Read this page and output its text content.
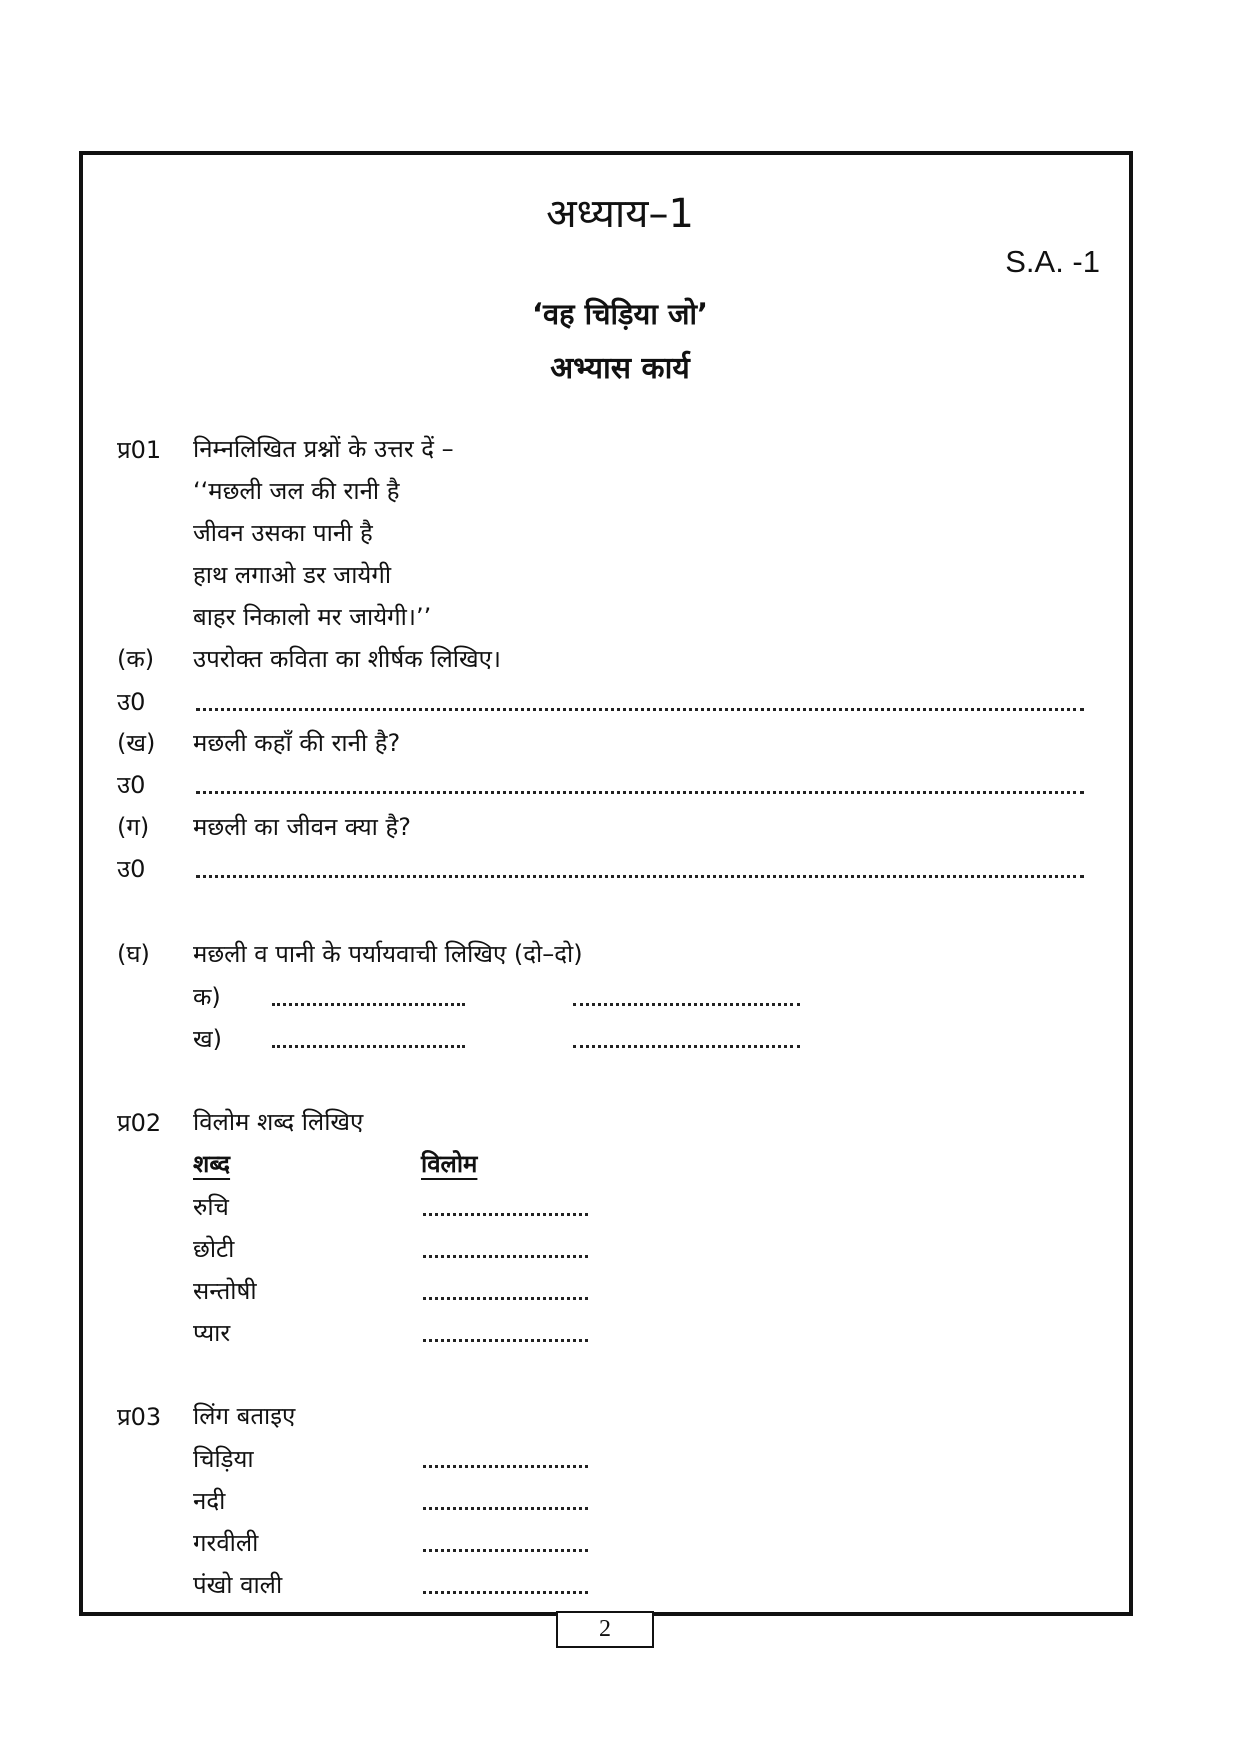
अध्याय–1
S.A. -1
‘वह चिड़िया जो’
अभ्यास कार्य
प्र01 निम्नलिखित प्रश्नों के उत्तर दें –
‘‘मछली जल की रानी है
जीवन उसका पानी है
हाथ लगाओ डर जायेगी
बाहर निकालो मर जायेगी।’’
(क) उपरोक्त कविता का शीर्षक लिखिए।
उ0
(ख) मछली कहाँ की रानी है?
उ0
(ग) मछली का जीवन क्या है?
उ0
(घ) मछली व पानी के पर्यायवाची लिखिए (दो–दो)
क)
ख)
प्र02 विलोम शब्द लिखिए
शब्द	विलोम
रुचि
छोटी
सन्तोषी
प्यार
प्र03 लिंग बताइए
चिड़िया
नदी
गरवीली
पंखो वाली
2
